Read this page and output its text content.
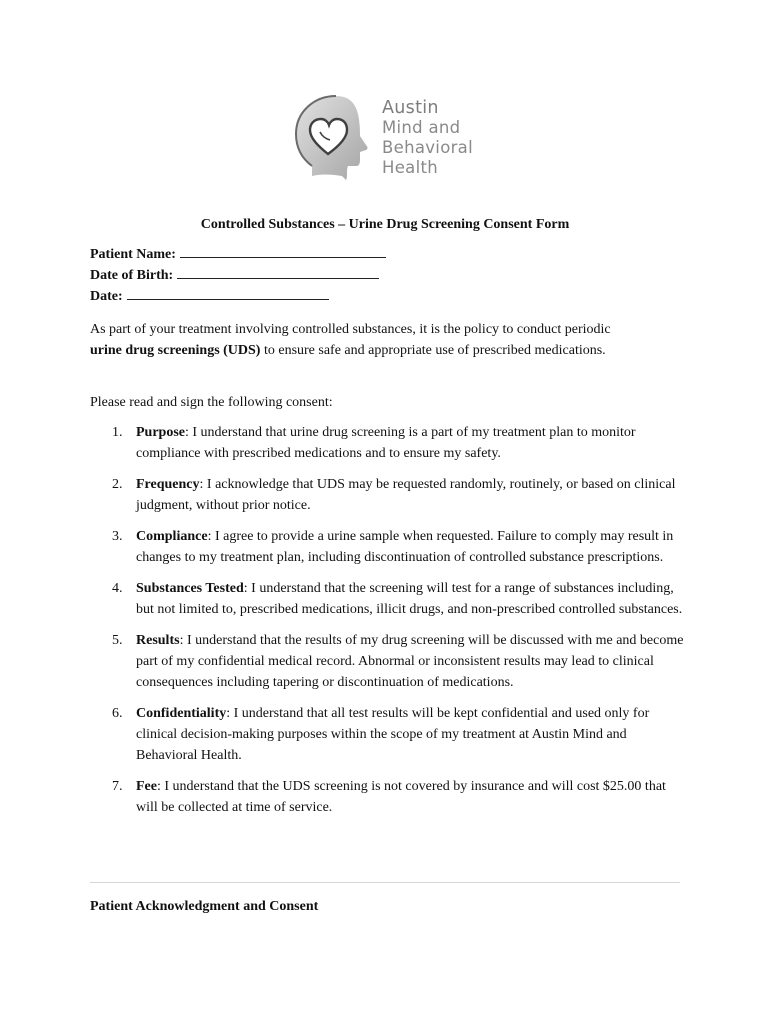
Austin
Mind and
Behavioral
Health
Controlled Substances – Urine Drug Screening Consent Form
Patient Name:
Date of Birth:
Date:
As part of your treatment involving controlled substances, it is the policy to conduct periodic urine drug screenings (UDS) to ensure safe and appropriate use of prescribed medications.
Please read and sign the following consent:
1. Purpose: I understand that urine drug screening is a part of my treatment plan to monitor compliance with prescribed medications and to ensure my safety.
2. Frequency: I acknowledge that UDS may be requested randomly, routinely, or based on clinical judgment, without prior notice.
3. Compliance: I agree to provide a urine sample when requested. Failure to comply may result in changes to my treatment plan, including discontinuation of controlled substance prescriptions.
4. Substances Tested: I understand that the screening will test for a range of substances including, but not limited to, prescribed medications, illicit drugs, and non-prescribed controlled substances.
5. Results: I understand that the results of my drug screening will be discussed with me and become part of my confidential medical record. Abnormal or inconsistent results may lead to clinical consequences including tapering or discontinuation of medications.
6. Confidentiality: I understand that all test results will be kept confidential and used only for clinical decision-making purposes within the scope of my treatment at Austin Mind and Behavioral Health.
7. Fee: I understand that the UDS screening is not covered by insurance and will cost $25.00 that will be collected at time of service.
Patient Acknowledgment and Consent
